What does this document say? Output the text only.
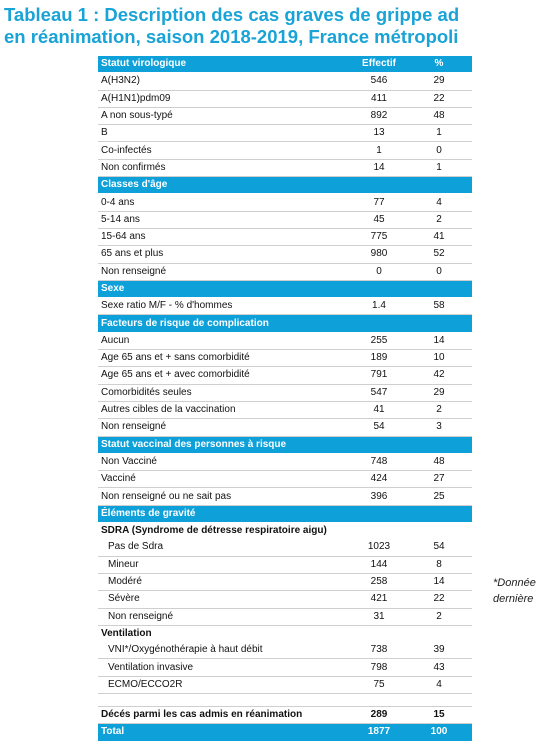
Tableau 1 : Description des cas graves de grippe ad
en réanimation, saison 2018-2019, France métropoli
*Donnée
dernière
Statut virologique	Effectif	%
A(H3N2)	546	29
A(H1N1)pdm09	411	22
A non sous-typé	892	48
B	13	1
Co-infectés	1	0
Non confirmés	14	1
Classes d'âge		
0-4 ans	77	4
5-14 ans	45	2
15-64 ans	775	41
65 ans et plus	980	52
Non renseigné	0	0
Sexe		
Sexe ratio M/F - % d'hommes	1.4	58
Facteurs de risque de complication		
Aucun	255	14
Age 65 ans et + sans comorbidité	189	10
Age 65 ans et + avec comorbidité	791	42
Comorbidités seules	547	29
Autres cibles de la vaccination	41	2
Non renseigné	54	3
Statut vaccinal des personnes à risque		
Non Vacciné	748	48
Vacciné	424	27
Non renseigné ou ne sait pas	396	25
Éléments de gravité		
SDRA (Syndrome de détresse respiratoire aigu)		
Pas de Sdra	1023	54
Mineur	144	8
Modéré	258	14
Sévère	421	22
Non renseigné	31	2
Ventilation		
VNI*/Oxygénothérapie à haut débit	738	39
Ventilation invasive	798	43
ECMO/ECCO2R	75	4

Décés parmi les cas admis en réanimation	289	15
Total	1877	100
